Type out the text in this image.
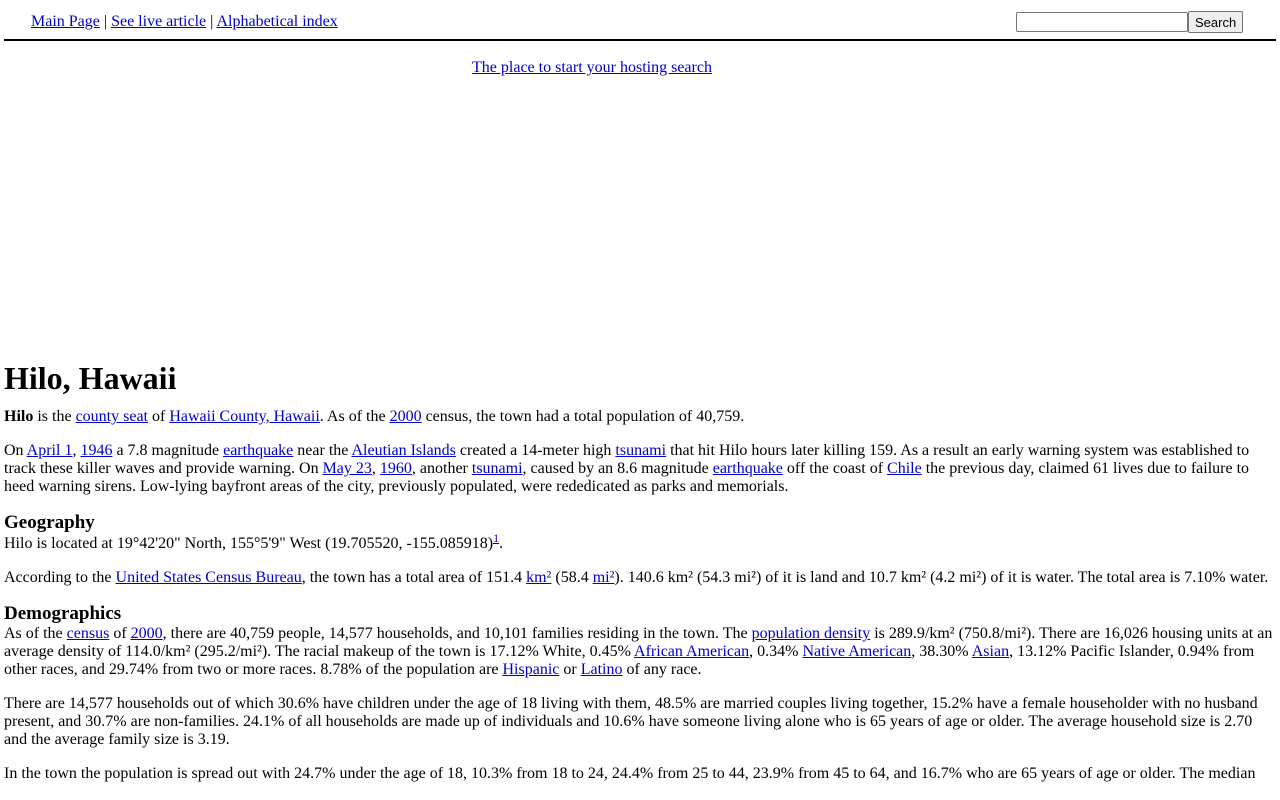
Main Page | See live article | Alphabetical index	Search
The place to start your hosting search
Hilo, Hawaii

Hilo is the county seat of Hawaii County, Hawaii. As of the 2000 census, the town had a total population of 40,759.

On April 1, 1946 a 7.8 magnitude earthquake near the Aleutian Islands created a 14-meter high tsunami that hit Hilo hours later killing 159. As a result an early warning system was established to track these killer waves and provide warning. On May 23, 1960, another tsunami, caused by an 8.6 magnitude earthquake off the coast of Chile the previous day, claimed 61 lives due to failure to heed warning sirens. Low-lying bayfront areas of the city, previously populated, were rededicated as parks and memorials.

Geography

Hilo is located at 19°42'20" North, 155°5'9" West (19.705520, -155.085918)$^1$.

According to the United States Census Bureau, the town has a total area of 151.4 km² (58.4 mi²). 140.6 km² (54.3 mi²) of it is land and 10.7 km² (4.2 mi²) of it is water. The total area is 7.10% water.

Demographics

As of the census of 2000, there are 40,759 people, 14,577 households, and 10,101 families residing in the town. The population density is 289.9/km² (750.8/mi²). There are 16,026 housing units at an average density of 114.0/km² (295.2/mi²). The racial makeup of the town is 17.12% White, 0.45% African American, 0.34% Native American, 38.30% Asian, 13.12% Pacific Islander, 0.94% from other races, and 29.74% from two or more races. 8.78% of the population are Hispanic or Latino of any race.

There are 14,577 households out of which 30.6% have children under the age of 18 living with them, 48.5% are married couples living together, 15.2% have a female householder with no husband present, and 30.7% are non-families. 24.1% of all households are made up of individuals and 10.6% have someone living alone who is 65 years of age or older. The average household size is 2.70 and the average family size is 3.19.

In the town the population is spread out with 24.7% under the age of 18, 10.3% from 18 to 24, 24.4% from 25 to 44, 23.9% from 45 to 64, and 16.7% who are 65 years of age or older. The median
